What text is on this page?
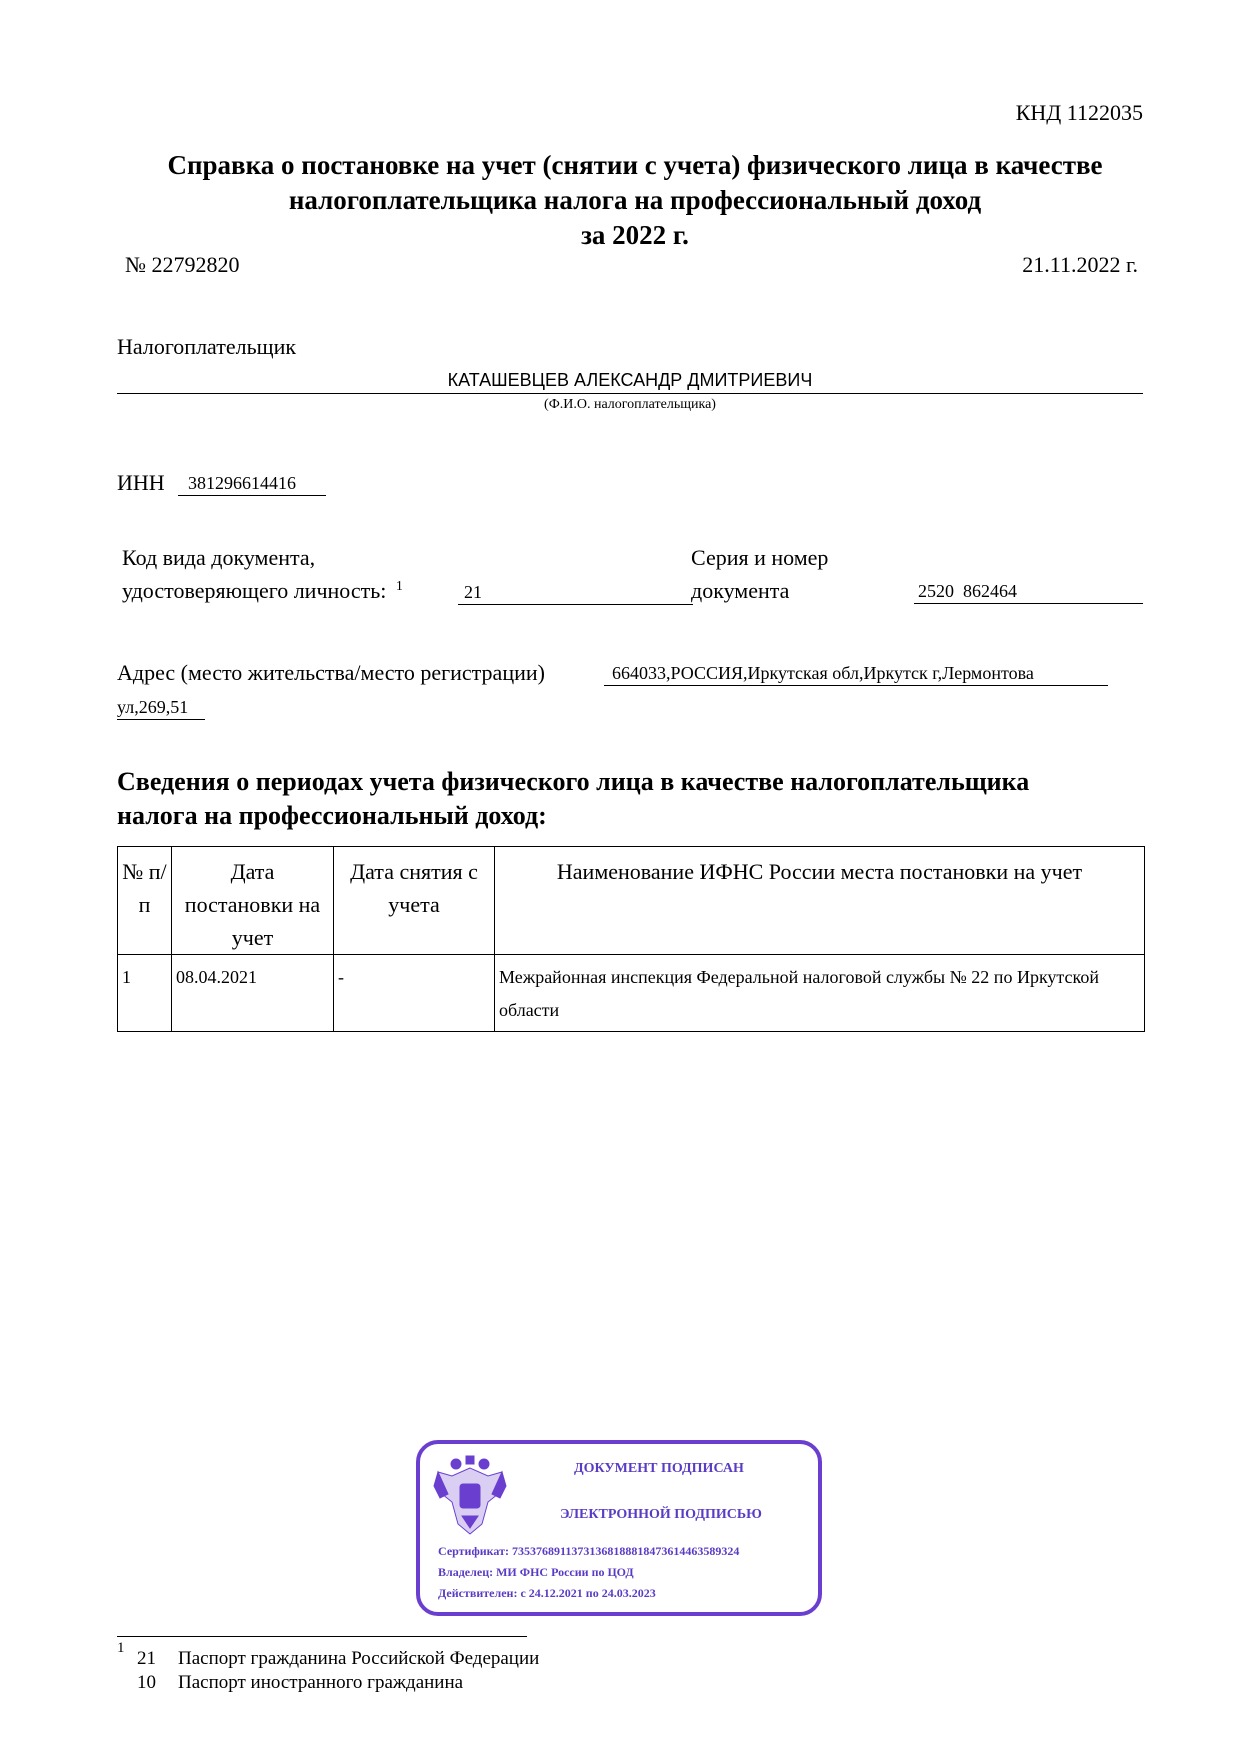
КНД 1122035
Справка о постановке на учет (снятии с учета) физического лица в качестве
налогоплательщика налога на профессиональный доход
за 2022 г.
№ 22792820	21.11.2022 г.
Налогоплательщик
КАТАШЕВЦЕВ АЛЕКСАНДР ДМИТРИЕВИЧ
(Ф.И.О. налогоплательщика)
ИНН	381296614416
Код вида документа,
удостоверяющего личность: $^1$	21
Серия и номер
документа	2520  862464
Адрес (место жительства/место регистрации)	664033,РОССИЯ,Иркутская обл,Иркутск г,Лермонтова
ул,269,51
Сведения о периодах учета физического лица в качестве налогоплательщика
налога на профессиональный доход:
№ п/п	Дата постановки на учет	Дата снятия с учета	Наименование ИФНС России места постановки на учет
1	08.04.2021	-	Межрайонная инспекция Федеральной налоговой службы № 22 по Иркутской области
ДОКУМЕНТ ПОДПИСАН
ЭЛЕКТРОННОЙ ПОДПИСЬЮ
Сертификат: 73537689113731368188818473614463589324
Владелец: МИ ФНС России по ЦОД
Действителен: с 24.12.2021 по 24.03.2023
1 21 Паспорт гражданина Российской Федерации
10 Паспорт иностранного гражданина
